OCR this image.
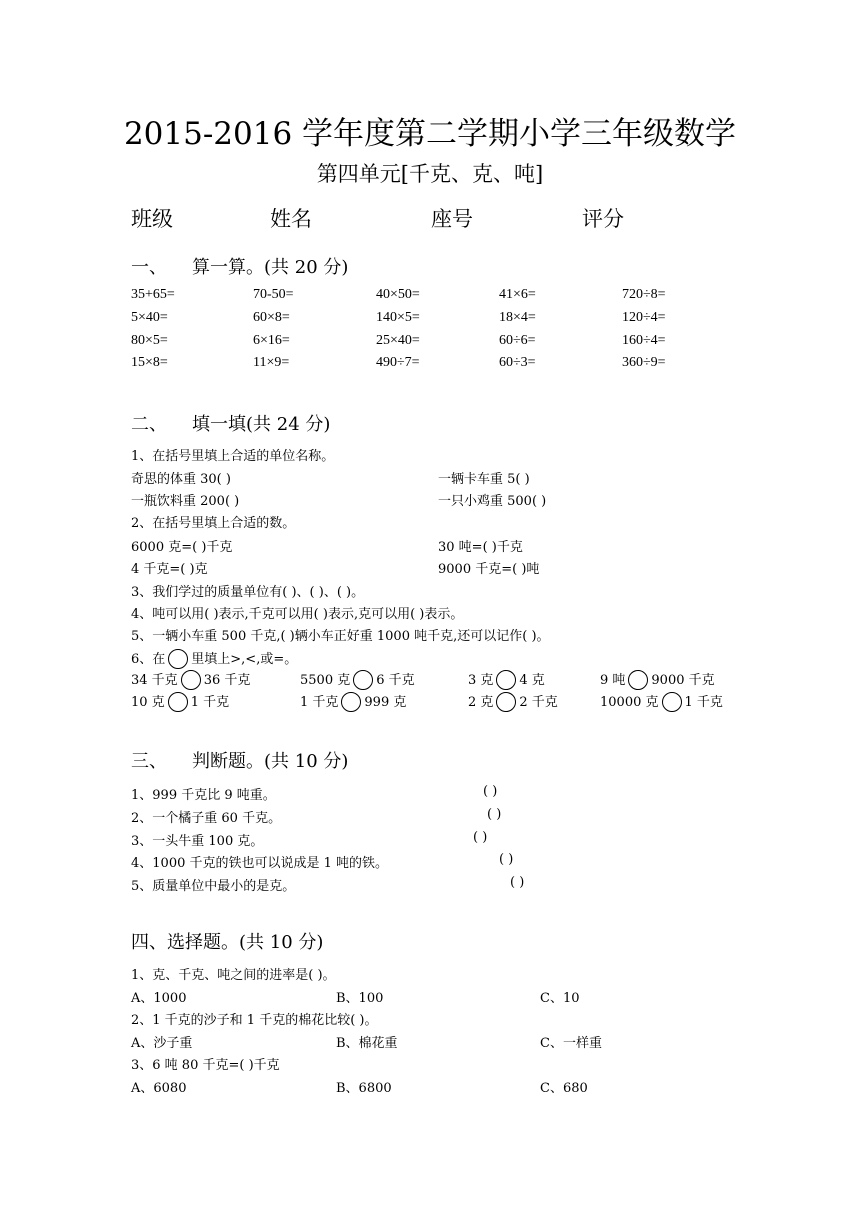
2015-2016 学年度第二学期小学三年级数学
第四单元[千克、克、吨]
班级	姓名	座号	评分
一、 算一算。(共 20 分)
35+65=	70-50=	40×50=	41×6=	720÷8=
5×40=	60×8=	140×5=	18×4=	120÷4=
80×5=	6×16=	25×40=	60÷6=	160÷4=
15×8=	11×9=	490÷7=	60÷3=	360÷9=
二、 填一填(共 24 分)
1、在括号里填上合适的单位名称。
奇思的体重 30( )	一辆卡车重 5( )
一瓶饮料重 200( )	一只小鸡重 500( )
2、在括号里填上合适的数。
6000 克=( )千克	30 吨=( )千克
4 千克=( )克	9000 千克=( )吨
3、我们学过的质量单位有( )、( )、( )。
4、吨可以用( )表示,千克可以用( )表示,克可以用( )表示。
5、一辆小车重 500 千克,( )辆小车正好重 1000 吨千克,还可以记作( )。
6、在 里填上>,<,或=。
34 千克 36 千克	5500 克 6 千克	3 克 4 克	9 吨 9000 千克
10 克 1 千克	1 千克 999 克	2 克 2 千克	10000 克 1 千克
三、 判断题。(共 10 分)
1、999 千克比 9 吨重。	( )
2、一个橘子重 60 千克。	( )
3、一头牛重 100 克。	( )
4、1000 千克的铁也可以说成是 1 吨的铁。	( )
5、质量单位中最小的是克。	( )
四、选择题。(共 10 分)
1、克、千克、吨之间的进率是( )。
A、1000	B、100	C、10
2、1 千克的沙子和 1 千克的棉花比较( )。
A、沙子重	B、棉花重	C、一样重
3、6 吨 80 千克=( )千克
A、6080	B、6800	C、680
